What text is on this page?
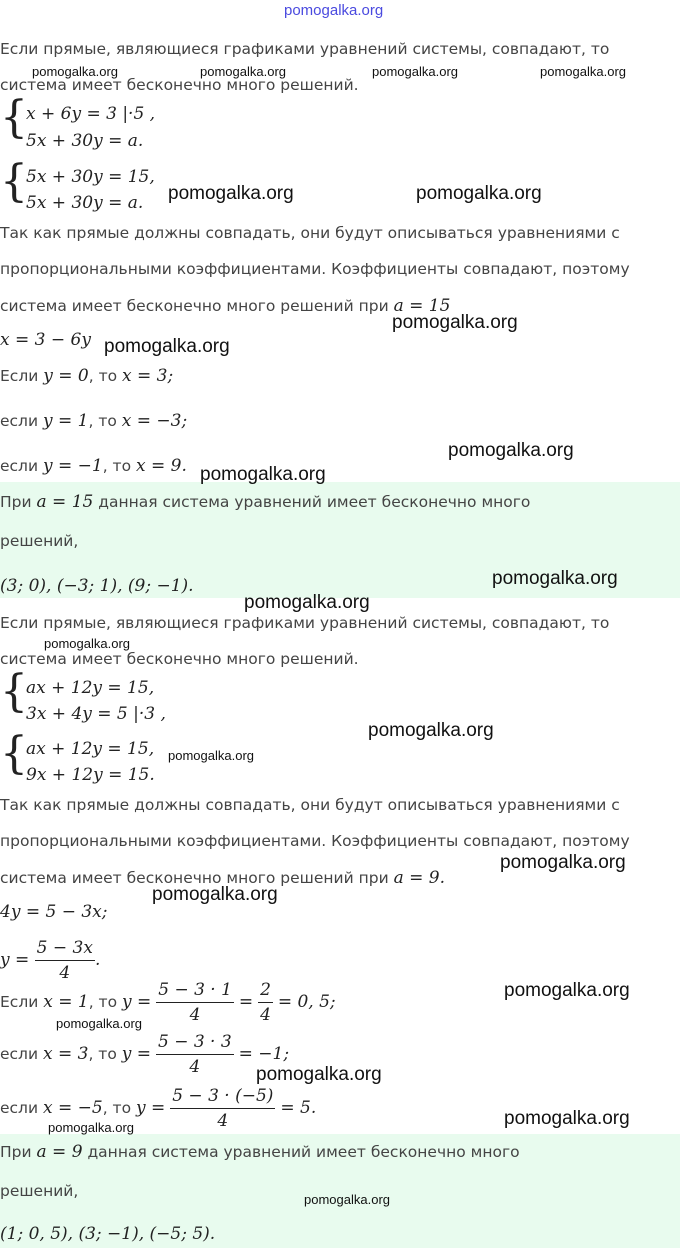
pomogalka.org
Если прямые, являющиеся графиками уравнений системы, совпадают, то
система имеет бесконечно много решений.
{
x + 6y = 3 |·5 ,
5x + 30y = a.
{
5x + 30y = 15,
5x + 30y = a.
Так как прямые должны совпадать, они будут описываться уравнениями с
пропорциональными коэффициентами. Коэффициенты совпадают, поэтому
система имеет бесконечно много решений при a = 15
x = 3 − 6y
Если y = 0, то x = 3;
если y = 1, то x = −3;
если y = −1, то x = 9.
При a = 15 данная система уравнений имеет бесконечно много
решений,
(3; 0), (−3; 1), (9; −1).
Если прямые, являющиеся графиками уравнений системы, совпадают, то
система имеет бесконечно много решений.
{
ax + 12y = 15,
3x + 4y = 5 |·3 ,
{
ax + 12y = 15,
9x + 12y = 15.
Так как прямые должны совпадать, они будут описываться уравнениями с
пропорциональными коэффициентами. Коэффициенты совпадают, поэтому
система имеет бесконечно много решений при a = 9.
4y = 5 − 3x;
$y = \frac{5 - 3x}{4}$ .
Если x = 1, то $y = \frac{5 - 3 \cdot 1}{4} = \frac{2}{4} = 0$, 5;
если x = 3, то $y = \frac{5 - 3 \cdot 3}{4} = -1$;
если x = −5, то $y = \frac{5 - 3 \cdot (-5)}{4} = 5$.
При a = 9 данная система уравнений имеет бесконечно много
решений,
(1; 0, 5), (3; −1), (−5; 5).
pomogalka.org	pomogalka.org	pomogalka.org	pomogalka.org
pomogalka.org	pomogalka.org
pomogalka.org
pomogalka.org
pomogalka.org
pomogalka.org
pomogalka.org
pomogalka.org
pomogalka.org
pomogalka.org
pomogalka.org
pomogalka.org
pomogalka.org
pomogalka.org
pomogalka.org
pomogalka.org
pomogalka.org	pomogalka.org
pomogalka.org
